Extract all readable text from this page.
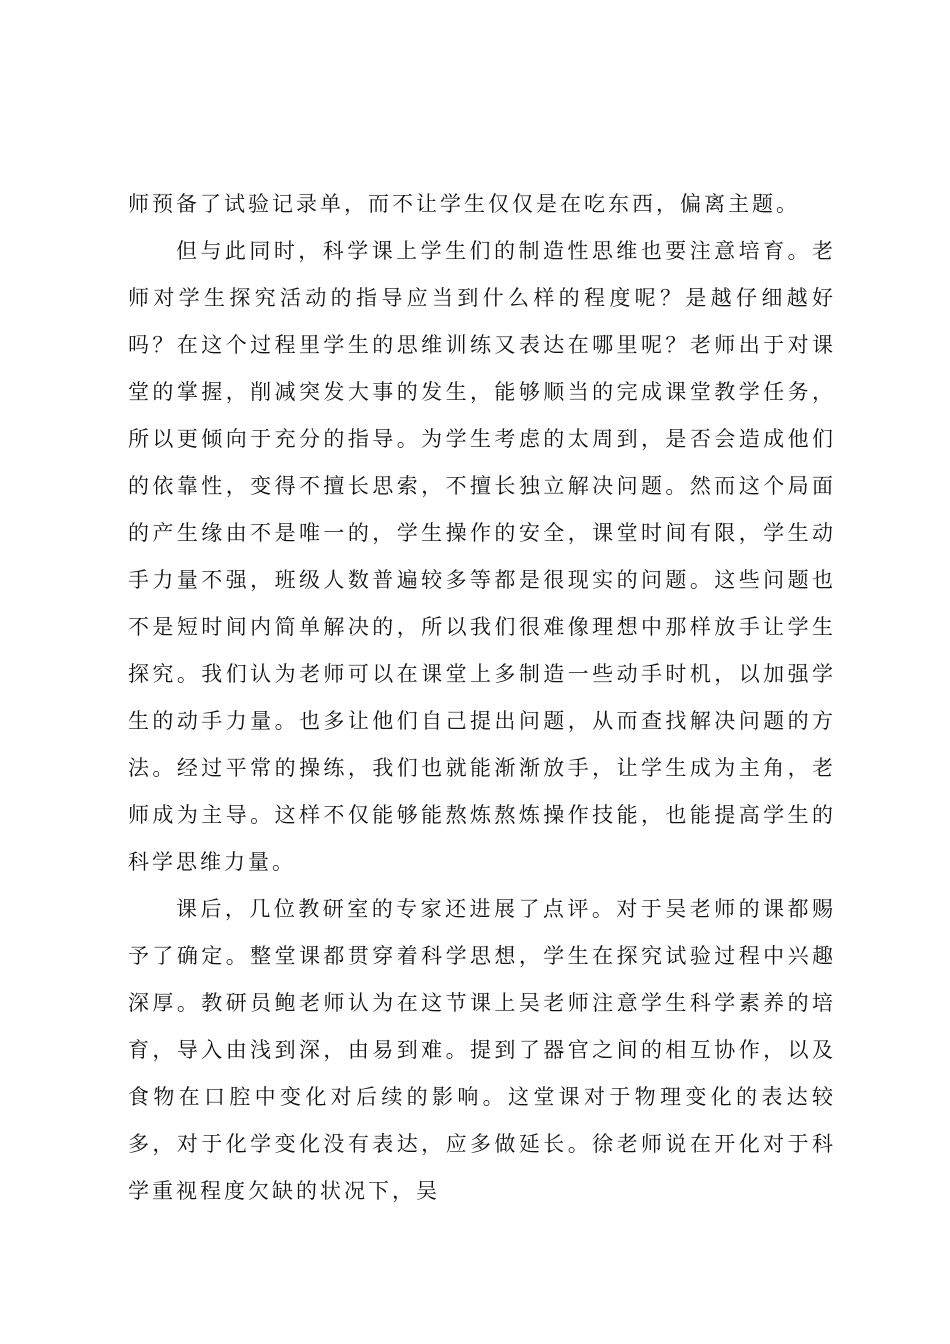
师预备了试验记录单，而不让学生仅仅是在吃东西，偏离主题。

但与此同时，科学课上学生们的制造性思维也要注意培育。老师对学生探究活动的指导应当到什么样的程度呢？是越仔细越好吗？在这个过程里学生的思维训练又表达在哪里呢？老师出于对课堂的掌握，削减突发大事的发生，能够顺当的完成课堂教学任务，所以更倾向于充分的指导。为学生考虑的太周到，是否会造成他们的依靠性，变得不擅长思索，不擅长独立解决问题。然而这个局面的产生缘由不是唯一的，学生操作的安全，课堂时间有限，学生动手力量不强，班级人数普遍较多等都是很现实的问题。这些问题也不是短时间内简单解决的，所以我们很难像理想中那样放手让学生探究。我们认为老师可以在课堂上多制造一些动手时机，以加强学生的动手力量。也多让他们自己提出问题，从而查找解决问题的方法。经过平常的操练，我们也就能渐渐放手，让学生成为主角，老师成为主导。这样不仅能够能熬炼熬炼操作技能，也能提高学生的科学思维力量。

课后，几位教研室的专家还进展了点评。对于吴老师的课都赐予了确定。整堂课都贯穿着科学思想，学生在探究试验过程中兴趣深厚。教研员鲍老师认为在这节课上吴老师注意学生科学素养的培育，导入由浅到深，由易到难。提到了器官之间的相互协作，以及食物在口腔中变化对后续的影响。这堂课对于物理变化的表达较多，对于化学变化没有表达，应多做延长。徐老师说在开化对于科学重视程度欠缺的状况下，吴
